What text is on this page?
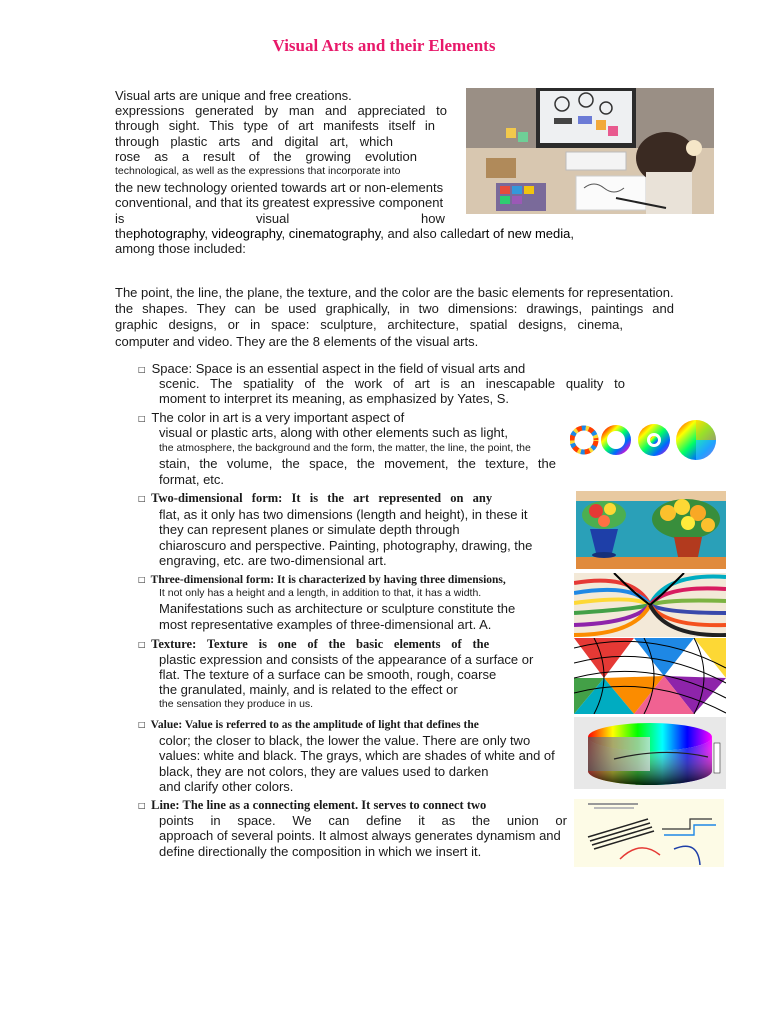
Visual Arts and their Elements
Visual arts are unique and free creations.
expressions generated by man and appreciated to
through sight. This type of art manifests itself in
through plastic arts and digital art, which
rose as a result of the growing evolution
technological, as well as the expressions that incorporate into
the new technology oriented towards art or non-elements
conventional, and that its greatest expressive component
is	visual	how
thephotography, videography, cinematography, and also calledart of new media,
among those included:
The point, the line, the plane, the texture, and the color are the basic elements for representation.
the shapes. They can be used graphically, in two dimensions: drawings, paintings and
graphic designs, or in space: sculpture, architecture, spatial designs, cinema,
computer and video. They are the 8 elements of the visual arts.
□ Space: Space is an essential aspect in the field of visual arts and
scenic. The spatiality of the work of art is an inescapable quality to
moment to interpret its meaning, as emphasized by Yates, S.
□ The color in art is a very important aspect of
visual or plastic arts, along with other elements such as light,
the atmosphere, the background and the form, the matter, the line, the point, the
stain, the volume, the space, the movement, the texture, the
format, etc.
□ Two-dimensional form: It is the art represented on any
flat, as it only has two dimensions (length and height), in these it
they can represent planes or simulate depth through
chiaroscuro and perspective. Painting, photography, drawing, the
engraving, etc. are two-dimensional art.
□ Three-dimensional form: It is characterized by having three dimensions,
It not only has a height and a length, in addition to that, it has a width.
Manifestations such as architecture or sculpture constitute the
most representative examples of three-dimensional art. A.
□ Texture: Texture is one of the basic elements of the
plastic expression and consists of the appearance of a surface or
flat. The texture of a surface can be smooth, rough, coarse
the granulated, mainly, and is related to the effect or
the sensation they produce in us.
□ Value: Value is referred to as the amplitude of light that defines the
color; the closer to black, the lower the value. There are only two
values: white and black. The grays, which are shades of white and of
black, they are not colors, they are values used to darken
and clarify other colors.
□ Line: The line as a connecting element. It serves to connect two
points in space. We can define it as the union or
approach of several points. It almost always generates dynamism and
define directionally the composition in which we insert it.
